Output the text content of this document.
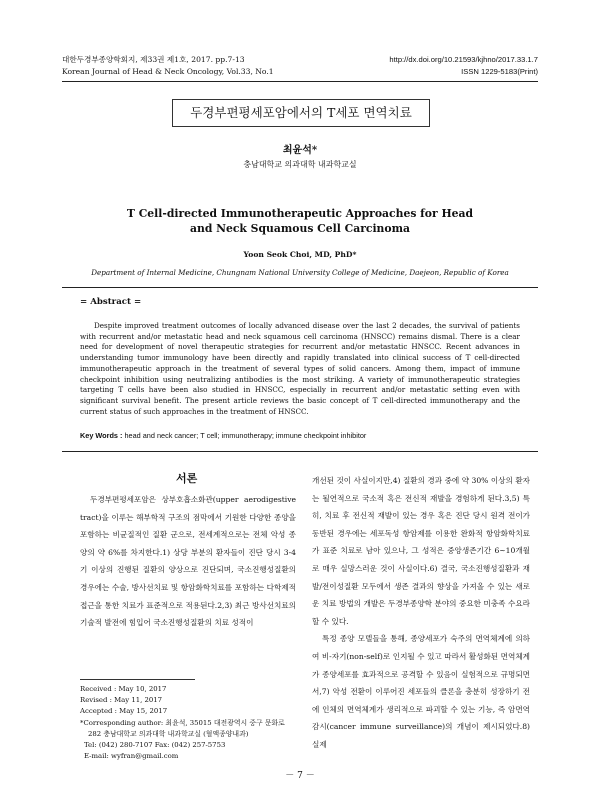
대한두경부종양학회지, 제33권 제1호, 2017. pp.7-13
Korean Journal of Head & Neck Oncology, Vol.33, No.1
http://dx.doi.org/10.21593/kjhno/2017.33.1.7
ISSN 1229-5183(Print)
두경부편평세포암에서의 T세포 면역치료
최윤석*
충남대학교 의과대학 내과학교실
T Cell-directed Immunotherapeutic Approaches for Head and Neck Squamous Cell Carcinoma
Yoon Seok Choi, MD, PhD*
Department of Internal Medicine, Chungnam National University College of Medicine, Daejeon, Republic of Korea
= Abstract =

Despite improved treatment outcomes of locally advanced disease over the last 2 decades, the survival of patients with recurrent and/or metastatic head and neck squamous cell carcinoma (HNSCC) remains dismal. There is a clear need for development of novel therapeutic strategies for recurrent and/or metastatic HNSCC. Recent advances in understanding tumor immunology have been directly and rapidly translated into clinical success of T cell-directed immunotherapeutic approach in the treatment of several types of solid cancers. Among them, impact of immune checkpoint inhibition using neutralizing antibodies is the most striking. A variety of immunotherapeutic strategies targeting T cells have been also studied in HNSCC, especially in recurrent and/or metastatic setting even with significant survival benefit. The present article reviews the basic concept of T cell-directed immunotherapy and the current status of such approaches in the treatment of HNSCC.

Key Words : head and neck cancer; T cell; immunotherapy; immune checkpoint inhibitor
서론

두경부편평세포암은 상부호흡소화관(upper aerodigestive tract)을 이루는 해부학적 구조의 점막에서 기원한 다양한 종양을 포함하는 비균질적인 질환 군으로, 전세계적으로는 전체 악성 종양의 약 6%를 차지한다.1) 상당 부분의 환자들이 진단 당시 3-4기 이상의 진행된 질환의 양상으로 진단되며, 국소진행성질환의 경우에는 수술, 방사선치료 및 항암화학치료를 포함하는 다학제적 접근을 통한 치료가 표준적으로 적용된다.2,3) 최근 방사선치료의 기술적 발전에 힘입어 국소진행성질환의 치료 성적이

개선된 것이 사실이지만,4) 질환의 경과 중에 약 30% 이상의 환자는 될연적으로 국소적 혹은 전신적 재발을 경험하게 된다.3,5) 특히, 치료 후 전신적 재발이 있는 경우 혹은 진단 당시 원격 전이가 동반된 경우에는 세포독성 항암제를 이용한 완화적 항암화학치료가 표준 치료로 남아 있으나, 그 성적은 중앙생존기간 6~10개월로 매우 실망스러운 것이 사실이다.6) 결국, 국소진행성질환과 재발/전이성질환 모두에서 생존 결과의 향상을 가져올 수 있는 새로운 치료 방법의 개발은 두경부종양학 분야의 중요한 미충족 수요라 할 수 있다.
특정 종양 모델들을 통해, 종양세포가 숙주의 면역체계에 의하여 비-자기(non-self)로 인지될 수 있고 따라서 활성화된 면역체계가 종양세포를 효과적으로 공격할 수 있음이 실험적으로 규명되면서,7) 악성 전환이 이루어진 세포들의 클론을 충분히 성장하기 전에 인체의 면역체계가 생리적으로 파괴할 수 있는 기능, 즉 암면역감시(cancer immune surveillance)의 개념이 제시되었다.8) 실제
Received : May 10, 2017
Revised : May 11, 2017
Accepted : May 15, 2017
*Corresponding author: 최윤석, 35015 대전광역시 중구 문화로
282 충남대학교 의과대학 내과학교실 (혈액종양내과)
Tel: (042) 280-7107 Fax: (042) 257-5753
E-mail: wyfran@gmail.com
－ 7 －
